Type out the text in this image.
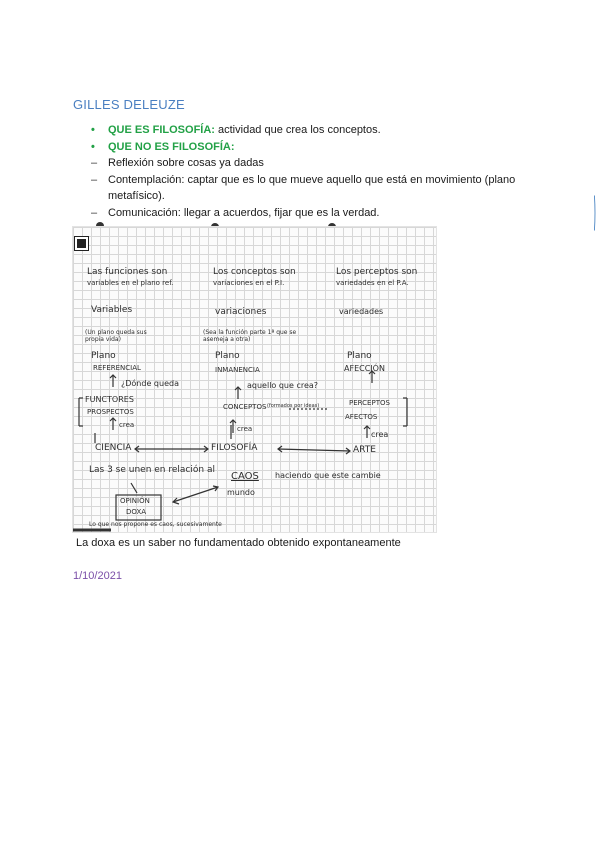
GILLES DELEUZE
• QUE ES FILOSOFÍA: actividad que crea los conceptos.
• QUE NO ES FILOSOFÍA:
– Reflexión sobre cosas ya dadas
– Contemplación: captar que es lo que mueve aquello que está en movimiento (plano metafísico).
– Comunicación: llegar a acuerdos, fijar que es la verdad.
Las funciones son
variables en el plano ref.
Los conceptos son
variaciones en el P.I.
Los perceptos son
variedades en el P.A.
Variables	variaciones	variedades
(Un plano queda sus propia vida)
(Sea la función parte 1ª que se asemeja a otra)
Plano
REFERENCIAL
Plano
INMANENCIA
Plano
AFECCIÓN
¿Dónde queda	aquello que crea?
FUNCTORES
PROSPECTOS
CONCEPTOS (formados por ideas)	PERCEPTOS
AFECTOS
crea	crea
crea
CIENCIA	FILOSOFÍA	ARTE
Las 3 se unen en relación al
CAOS haciendo que este cambie
mundo
OPINIÓN
DOXA
Lo que nos propone es caos, sucesivamente
La doxa es un saber no fundamentado obtenido expontaneamente
1/10/2021
